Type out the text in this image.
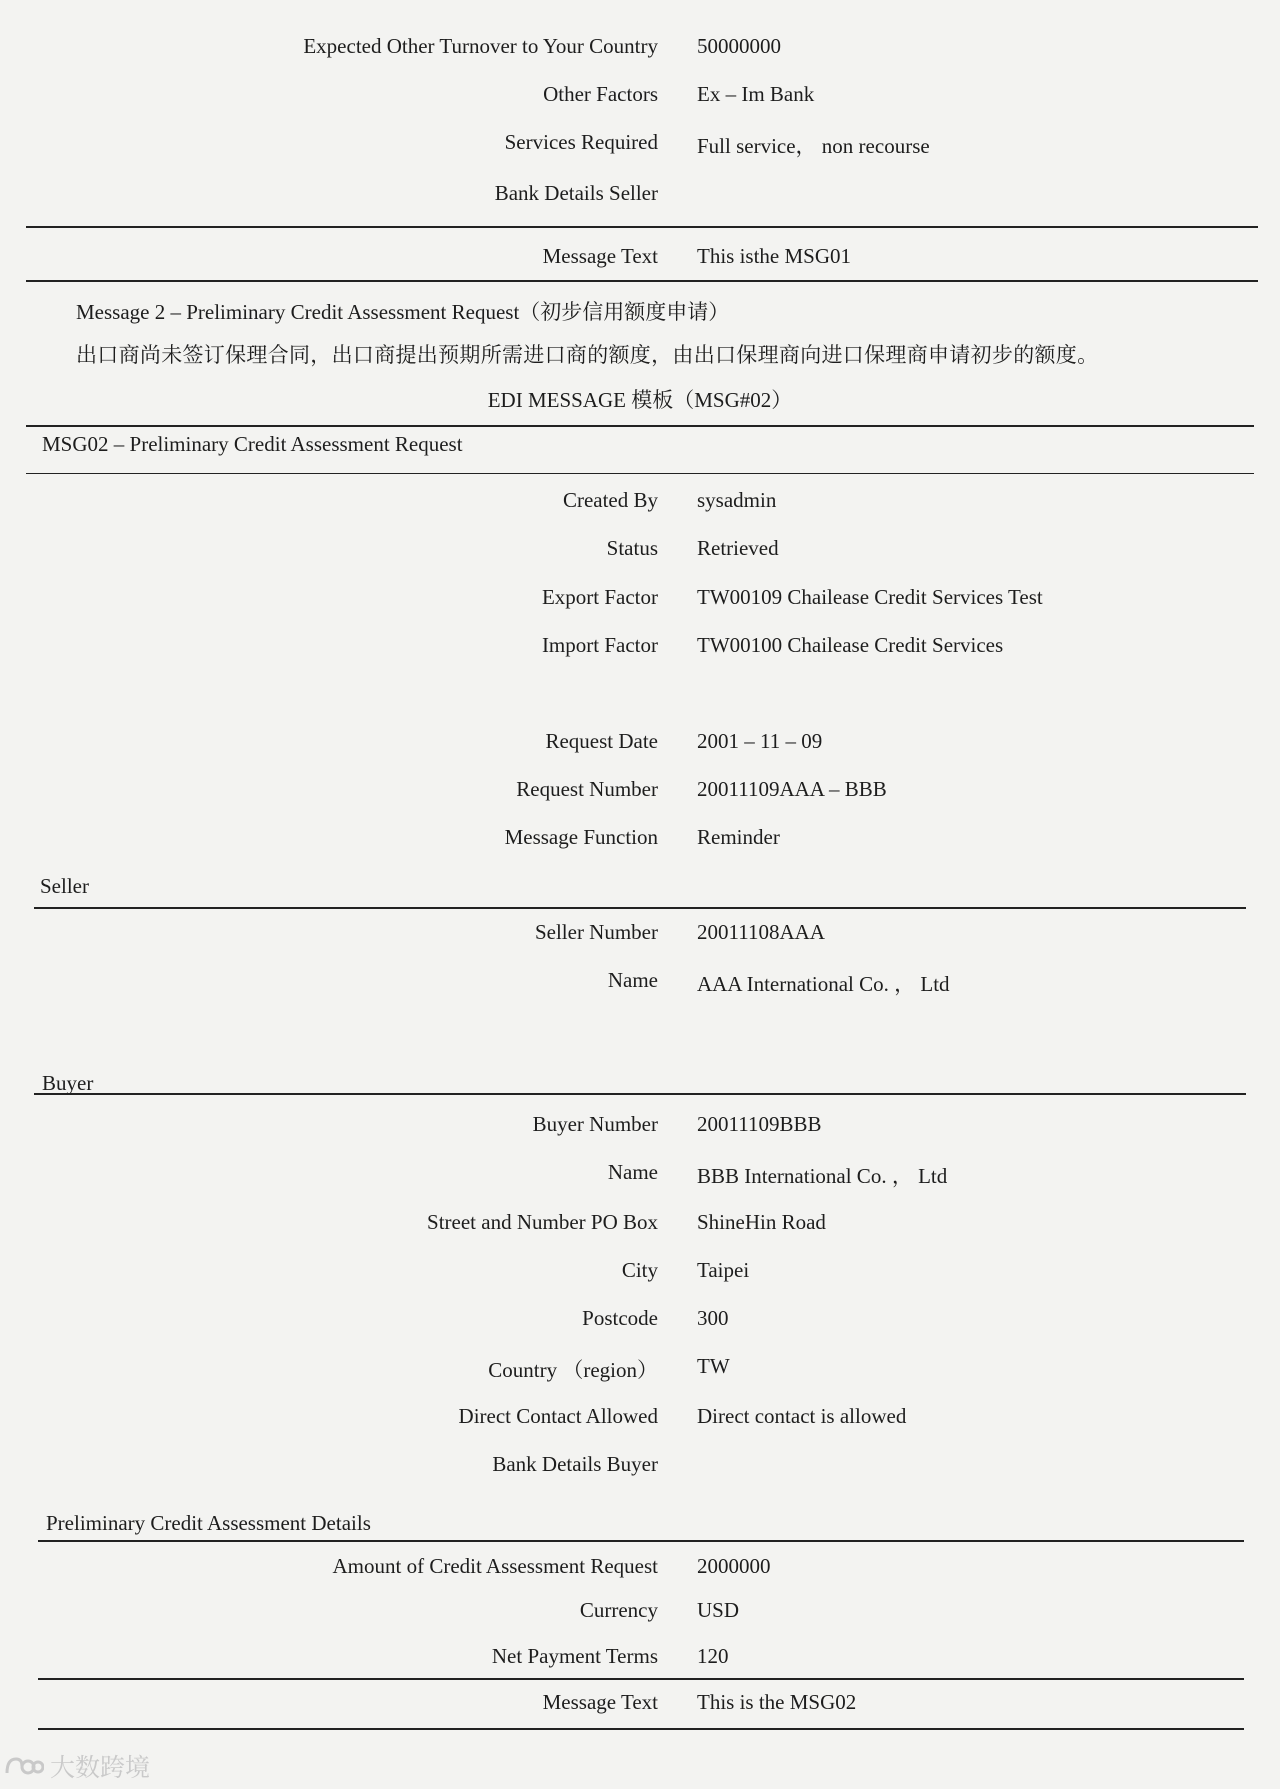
Expected Other Turnover to Your Country 50000000
Other Factors Ex – Im Bank
Services Required Full service， non recourse
Bank Details Seller
Message Text This isthe MSG01
Message 2 – Preliminary Credit Assessment Request（初步信用额度申请）
出口商尚未签订保理合同，出口商提出预期所需进口商的额度，由出口保理商向进口保理商申请初步的额度。
EDI MESSAGE 模板（MSG#02）
MSG02 – Preliminary Credit Assessment Request
Created By sysadmin
Status Retrieved
Export Factor TW00109 Chailease Credit Services Test
Import Factor TW00100 Chailease Credit Services
Request Date 2001 – 11 – 09
Request Number 20011109AAA – BBB
Message Function Reminder
Seller
Seller Number 20011108AAA
Name AAA International Co. ， Ltd
Buyer
Buyer Number 20011109BBB
Name BBB International Co. ， Ltd
Street and Number PO Box ShineHin Road
City Taipei
Postcode 300
Country （region） TW
Direct Contact Allowed Direct contact is allowed
Bank Details Buyer
Preliminary Credit Assessment Details
Amount of Credit Assessment Request 2000000
Currency USD
Net Payment Terms 120
Message Text This is the MSG02
大数跨境
